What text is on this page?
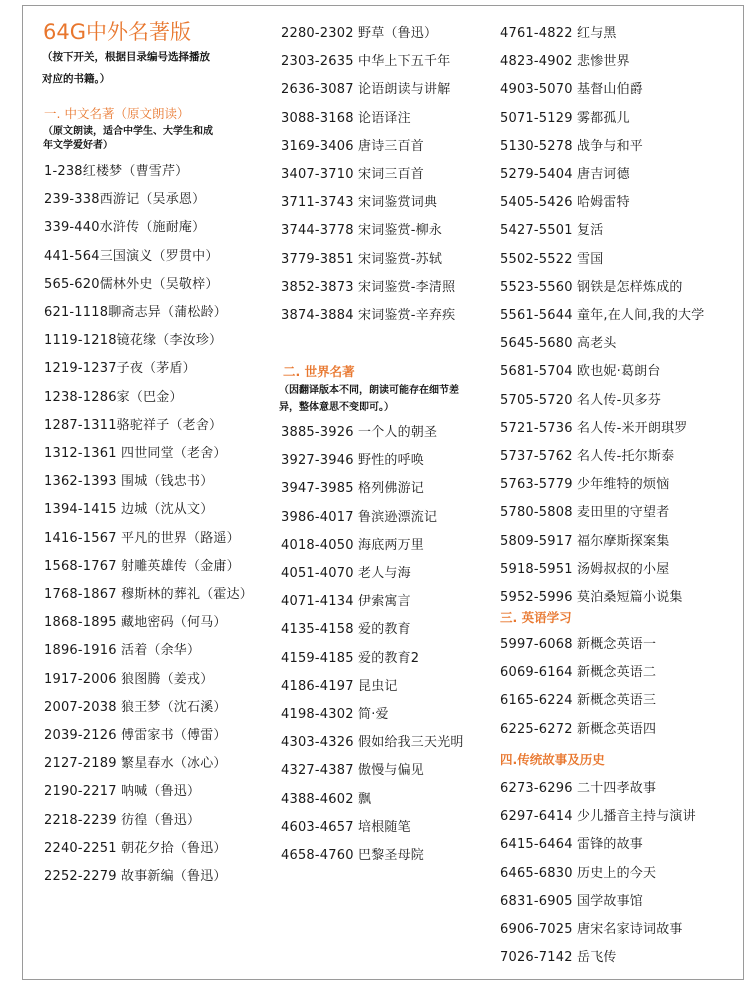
64G中外名著版
（按下开关，根据目录编号选择播放
对应的书籍。）
一. 中文名著（原文朗读）
（原文朗读，适合中学生、大学生和成
年文学爱好者）
1-238红楼梦（曹雪芹）
239-338西游记（吴承恩）
339-440水浒传（施耐庵）
441-564三国演义（罗贯中）
565-620儒林外史（吴敬梓）
621-1118聊斋志异（蒲松龄）
1119-1218镜花缘（李汝珍）
1219-1237子夜（茅盾）
1238-1286家（巴金）
1287-1311骆驼祥子（老舍）
1312-1361 四世同堂（老舍）
1362-1393 围城（钱忠书）
1394-1415 边城（沈从文）
1416-1567 平凡的世界（路遥）
1568-1767 射雕英雄传（金庸）
1768-1867 穆斯林的葬礼（霍达）
1868-1895 藏地密码（何马）
1896-1916 活着（余华）
1917-2006 狼图腾（姜戎）
2007-2038 狼王梦（沈石溪）
2039-2126 傅雷家书（傅雷）
2127-2189 繁星春水（冰心）
2190-2217 呐喊（鲁迅）
2218-2239 彷徨（鲁迅）
2240-2251 朝花夕拾（鲁迅）
2252-2279 故事新编（鲁迅）
2280-2302 野草（鲁迅）
2303-2635 中华上下五千年
2636-3087 论语朗读与讲解
3088-3168 论语译注
3169-3406 唐诗三百首
3407-3710 宋词三百首
3711-3743 宋词鉴赏词典
3744-3778 宋词鉴赏-柳永
3779-3851 宋词鉴赏-苏轼
3852-3873 宋词鉴赏-李清照
3874-3884 宋词鉴赏-辛弃疾
二. 世界名著
（因翻译版本不同，朗读可能存在细节差
异，整体意思不变即可。）
3885-3926 一个人的朝圣
3927-3946 野性的呼唤
3947-3985 格列佛游记
3986-4017 鲁滨逊漂流记
4018-4050 海底两万里
4051-4070 老人与海
4071-4134 伊索寓言
4135-4158 爱的教育
4159-4185 爱的教育2
4186-4197 昆虫记
4198-4302 简·爱
4303-4326 假如给我三天光明
4327-4387 傲慢与偏见
4388-4602 飘
4603-4657 培根随笔
4658-4760 巴黎圣母院
4761-4822 红与黑
4823-4902 悲惨世界
4903-5070 基督山伯爵
5071-5129 雾都孤儿
5130-5278 战争与和平
5279-5404 唐吉诃德
5405-5426 哈姆雷特
5427-5501 复活
5502-5522 雪国
5523-5560 钢铁是怎样炼成的
5561-5644 童年,在人间,我的大学
5645-5680 高老头
5681-5704 欧也妮·葛朗台
5705-5720 名人传-贝多芬
5721-5736 名人传-米开朗琪罗
5737-5762 名人传-托尔斯泰
5763-5779 少年维特的烦恼
5780-5808 麦田里的守望者
5809-5917 福尔摩斯探案集
5918-5951 汤姆叔叔的小屋
5952-5996 莫泊桑短篇小说集
三. 英语学习
5997-6068 新概念英语一
6069-6164 新概念英语二
6165-6224 新概念英语三
6225-6272 新概念英语四
四.传统故事及历史
6273-6296 二十四孝故事
6297-6414 少儿播音主持与演讲
6415-6464 雷锋的故事
6465-6830 历史上的今天
6831-6905 国学故事馆
6906-7025 唐宋名家诗词故事
7026-7142 岳飞传
